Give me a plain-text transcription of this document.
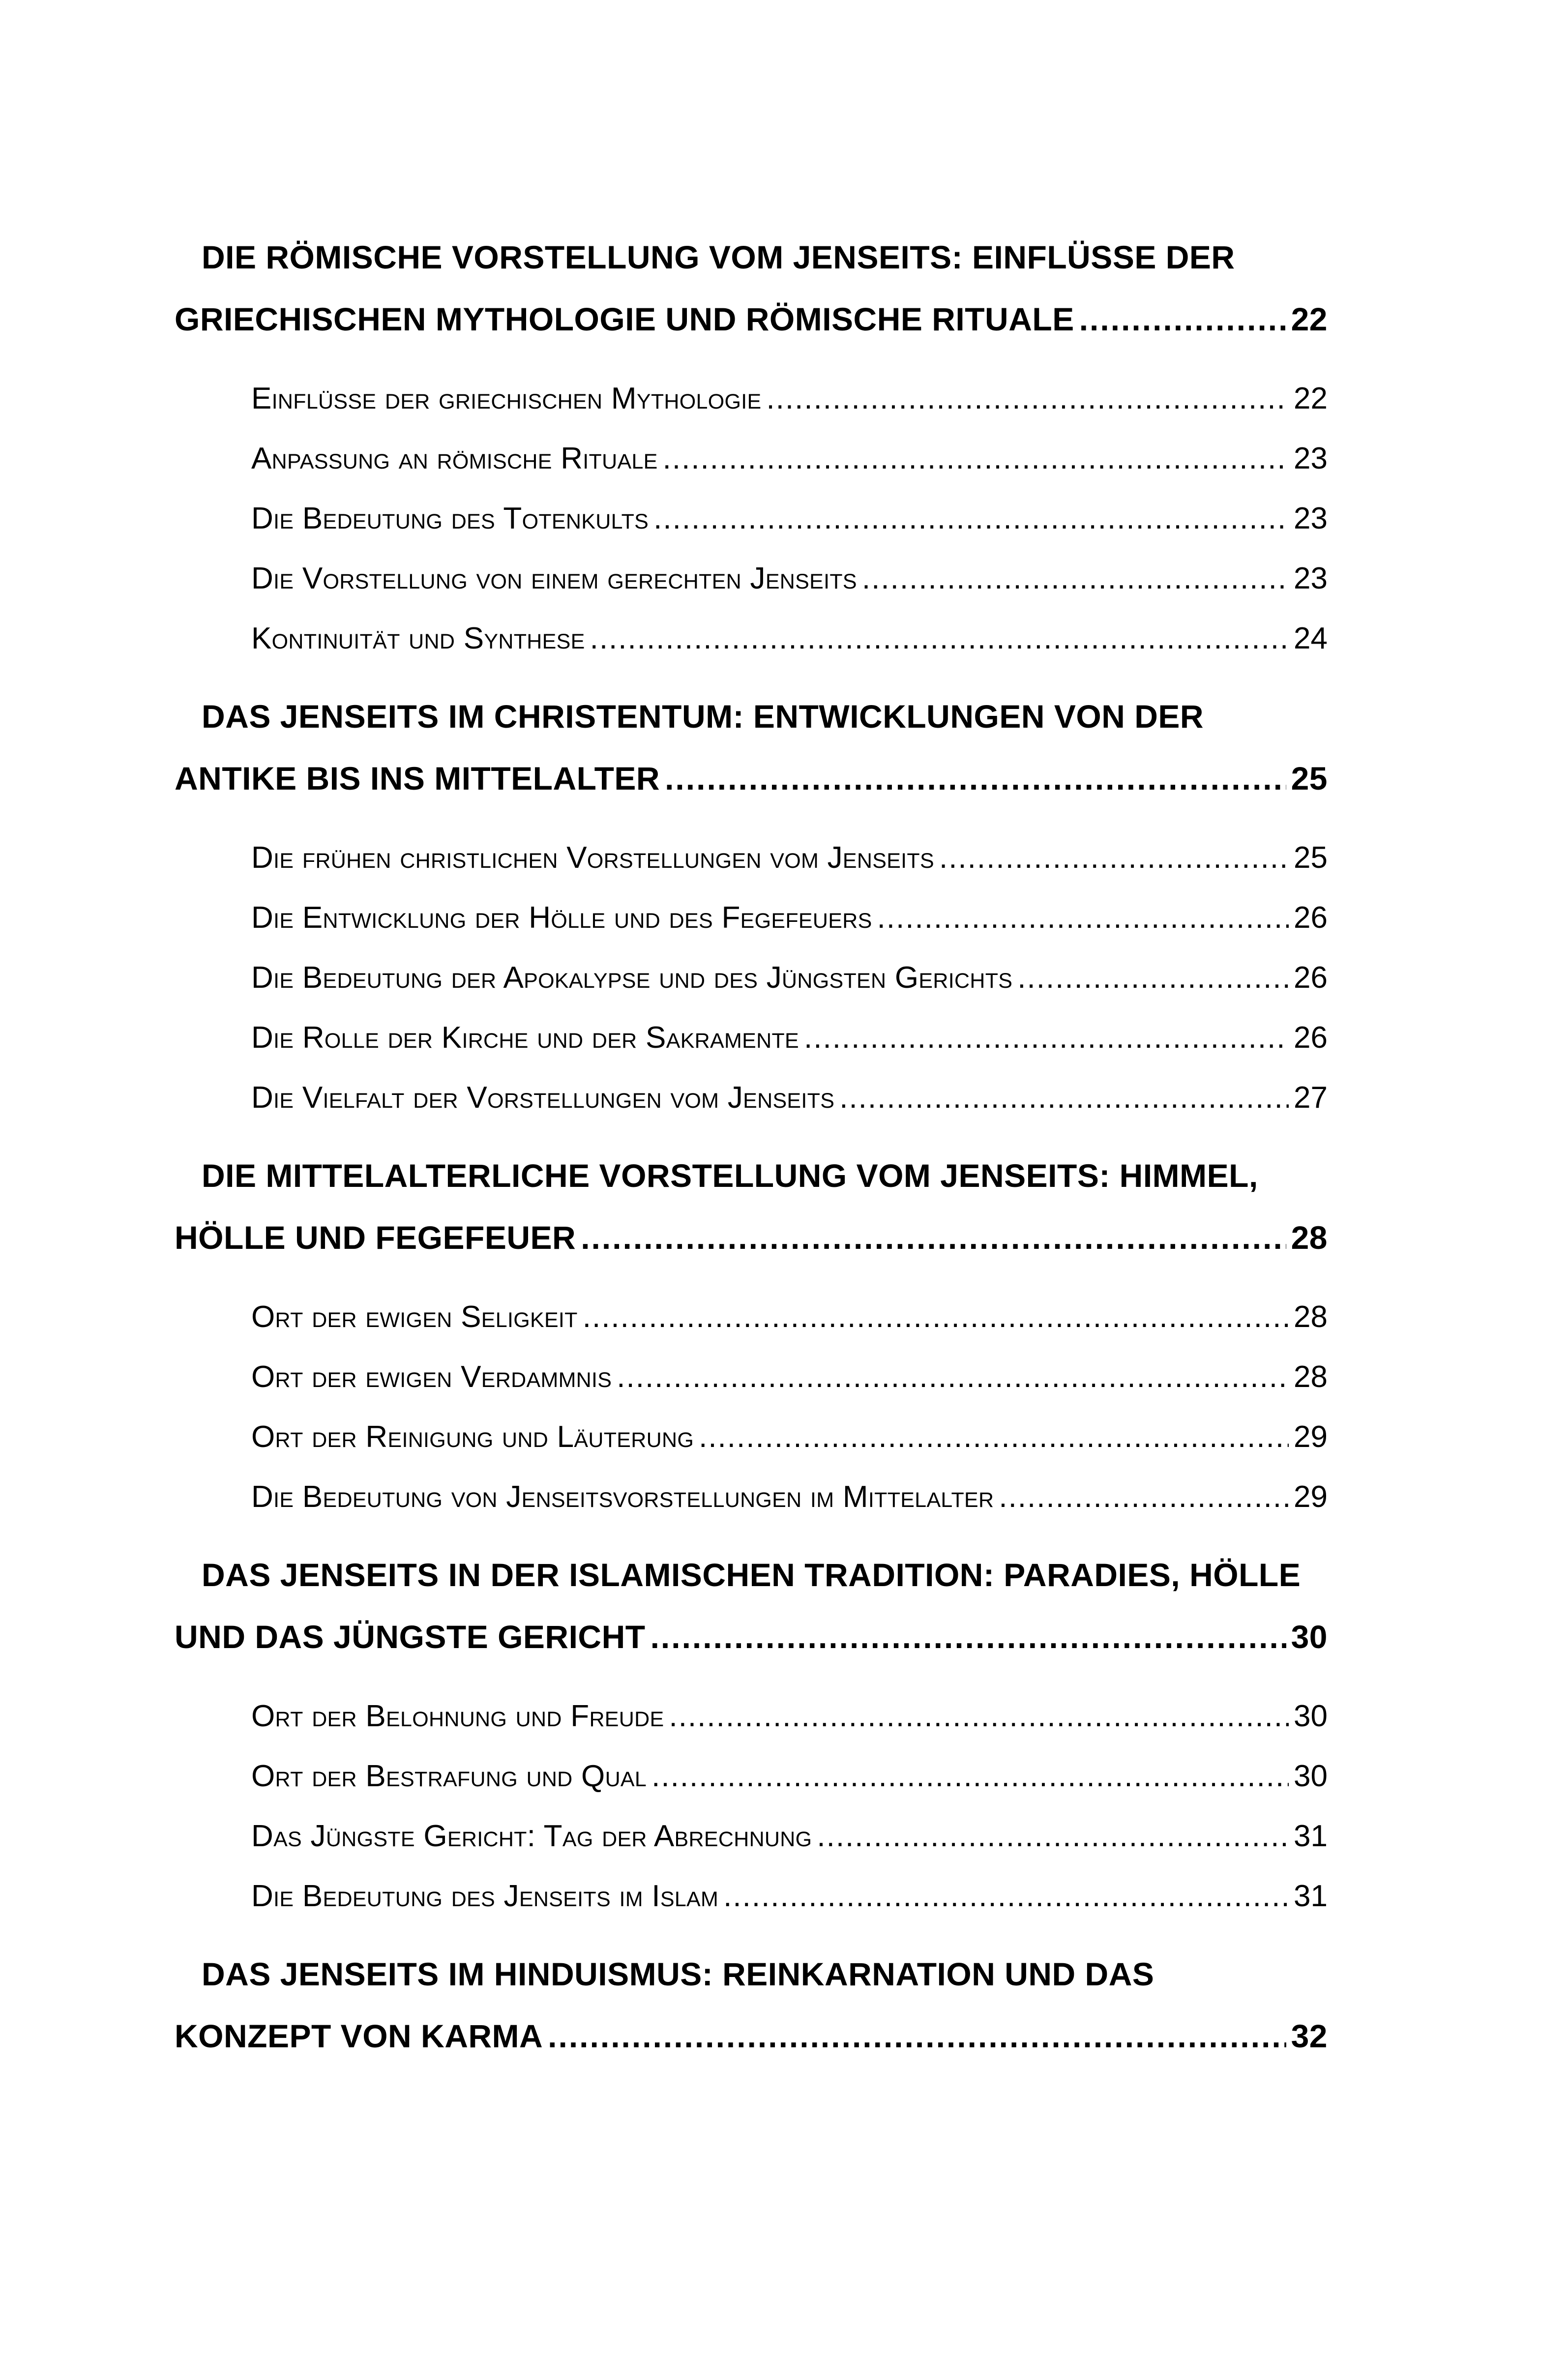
DIE RÖMISCHE VORSTELLUNG VOM JENSEITS: EINFLÜSSE DER
GRIECHISCHEN MYTHOLOGIE UND RÖMISCHE RITUALE .....	22
Einflüsse der griechischen Mythologie .....	22
Anpassung an römische Rituale .....	23
Die Bedeutung des Totenkults .....	23
Die Vorstellung von einem gerechten Jenseits .....	23
Kontinuität und Synthese .....	24
DAS JENSEITS IM CHRISTENTUM: ENTWICKLUNGEN VON DER
ANTIKE BIS INS MITTELALTER .....	25
Die frühen christlichen Vorstellungen vom Jenseits .....	25
Die Entwicklung der Hölle und des Fegefeuers .....	26
Die Bedeutung der Apokalypse und des Jüngsten Gerichts .....	26
Die Rolle der Kirche und der Sakramente .....	26
Die Vielfalt der Vorstellungen vom Jenseits .....	27
DIE MITTELALTERLICHE VORSTELLUNG VOM JENSEITS: HIMMEL,
HÖLLE UND FEGEFEUER .....	28
Ort der ewigen Seligkeit .....	28
Ort der ewigen Verdammnis .....	28
Ort der Reinigung und Läuterung .....	29
Die Bedeutung von Jenseitsvorstellungen im Mittelalter .....	29
DAS JENSEITS IN DER ISLAMISCHEN TRADITION: PARADIES, HÖLLE
UND DAS JÜNGSTE GERICHT .....	30
Ort der Belohnung und Freude .....	30
Ort der Bestrafung und Qual .....	30
Das Jüngste Gericht: Tag der Abrechnung .....	31
Die Bedeutung des Jenseits im Islam .....	31
DAS JENSEITS IM HINDUISMUS: REINKARNATION UND DAS
KONZEPT VON KARMA .....	32
